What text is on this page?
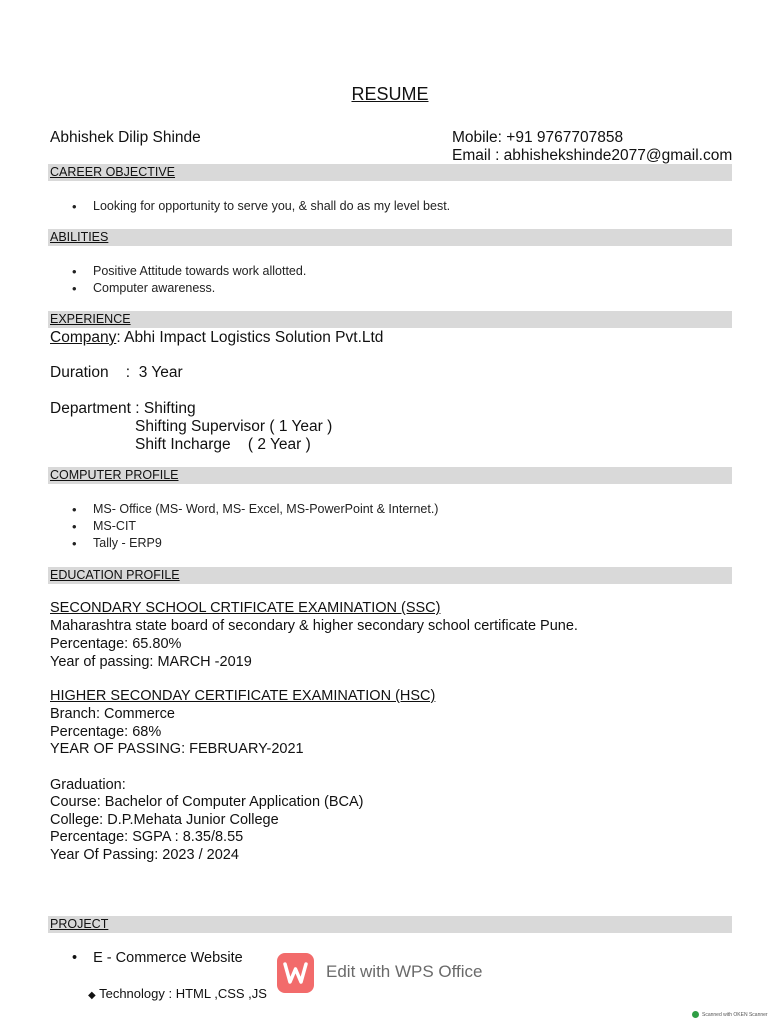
RESUME
Abhishek Dilip Shinde	Mobile: +91 9767707858
Email : abhishekshinde2077@gmail.com
CAREER OBJECTIVE
• Looking for opportunity to serve you, & shall do as my level best.
ABILITIES
• Positive Attitude towards work allotted.
• Computer awareness.
EXPERIENCE
Company: Abhi Impact Logistics Solution Pvt.Ltd
Duration    :  3 Year
Department : Shifting
Shifting Supervisor ( 1 Year )
Shift Incharge    ( 2 Year )
COMPUTER PROFILE
• MS- Office (MS- Word, MS- Excel, MS-PowerPoint & Internet.)
• MS-CIT
• Tally - ERP9
EDUCATION PROFILE
SECONDARY SCHOOL CRTIFICATE EXAMINATION (SSC)
Maharashtra state board of secondary & higher secondary school certificate Pune.
Percentage: 65.80%
Year of passing: MARCH -2019
HIGHER SECONDAY CERTIFICATE EXAMINATION (HSC)
Branch: Commerce
Percentage: 68%
YEAR OF PASSING: FEBRUARY-2021
Graduation:
Course: Bachelor of Computer Application (BCA)
College: D.P.Mehata Junior College
Percentage: SGPA : 8.35/8.55
Year Of Passing: 2023 / 2024
PROJECT
• E - Commerce Website
◆ Technology : HTML ,CSS ,JS
Edit with WPS Office
Scanned with OKEN Scanner
